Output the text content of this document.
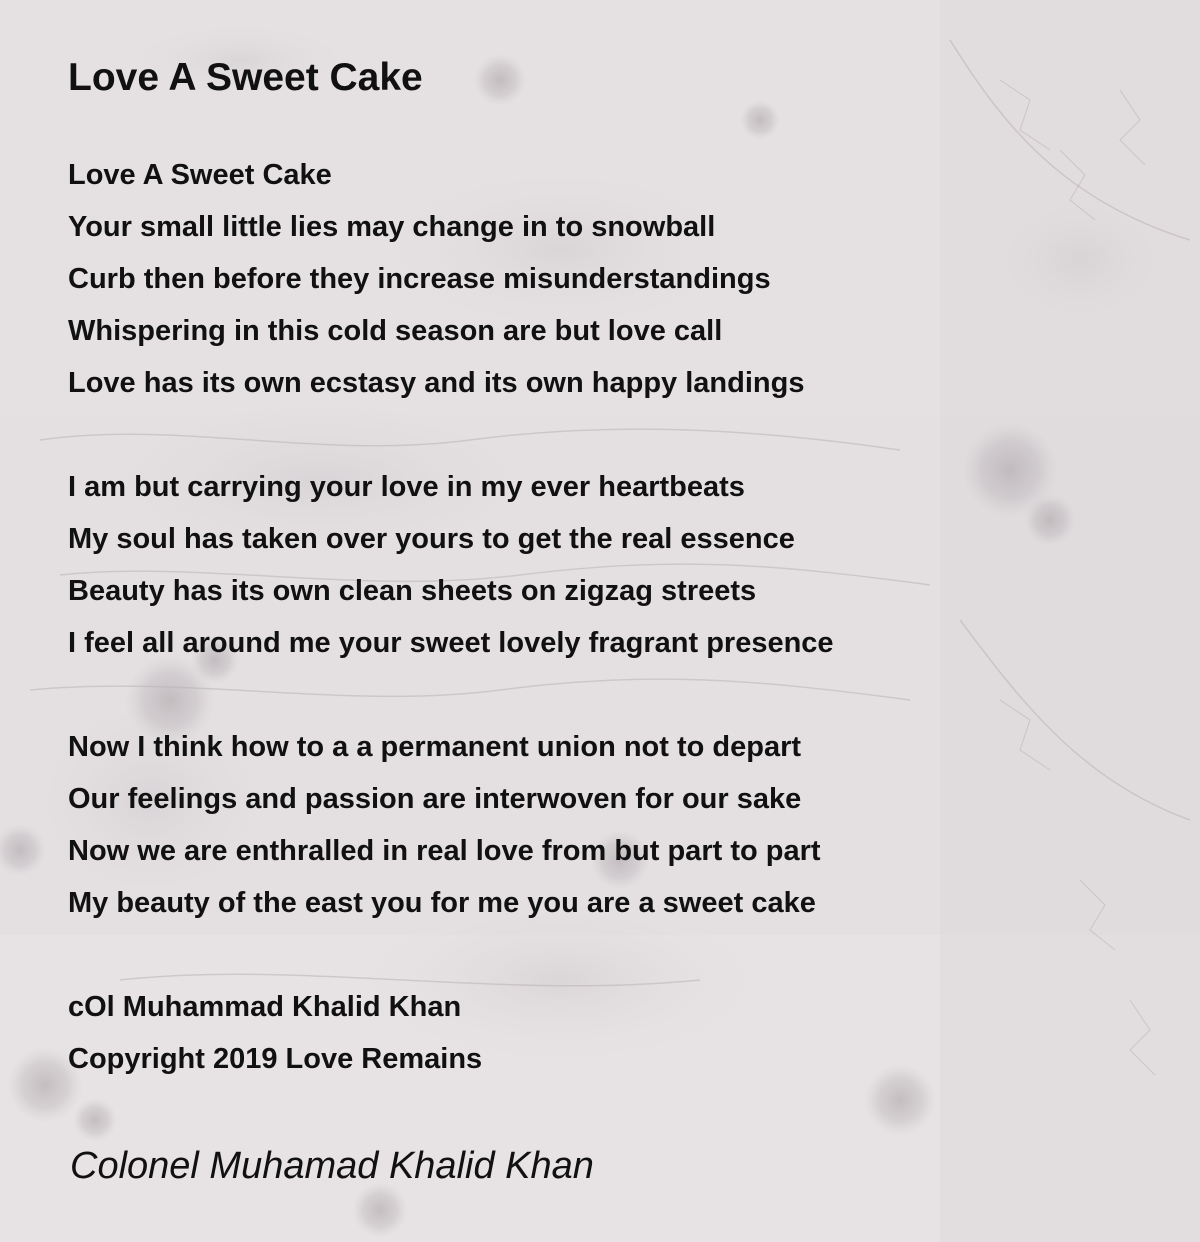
Love A Sweet Cake
Love A Sweet Cake
Your small little lies may change in to snowball
Curb then before they increase misunderstandings
Whispering in this cold season are but love call
Love has its own ecstasy and its own happy landings
I am but carrying your love in my ever heartbeats
My soul has taken over yours to get the real essence
Beauty has its own clean sheets on zigzag streets
I feel all around me your sweet lovely fragrant presence
Now I think how to a a permanent union not to depart
Our feelings and passion are interwoven for our sake
Now we are enthralled in real love from but part to part
My beauty of the east you for me you are a sweet cake
cOl Muhammad Khalid Khan
Copyright 2019 Love Remains
Colonel Muhamad Khalid Khan
